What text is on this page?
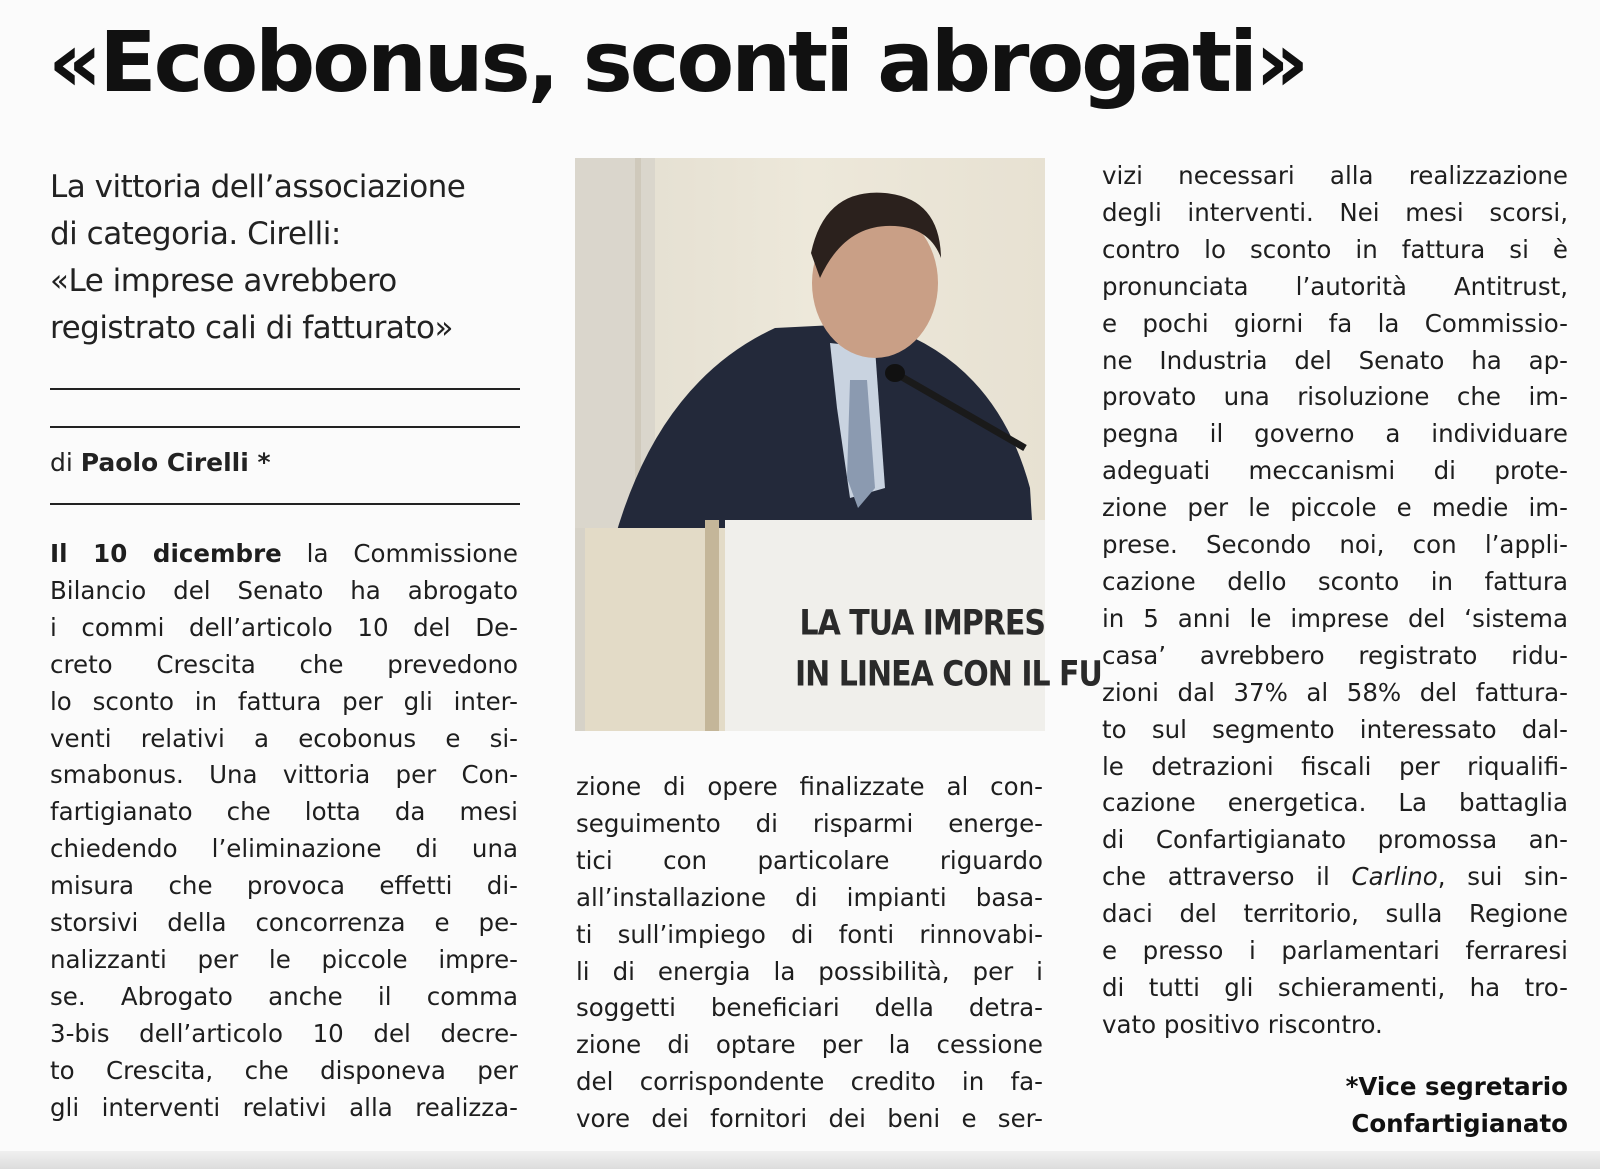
«Ecobonus, sconti abrogati»
La vittoria dell’associazione
di categoria. Cirelli:
«Le imprese avrebbero
registrato cali di fatturato»
di Paolo Cirelli *
Il 10 dicembre la Commissione
Bilancio del Senato ha abrogato
i commi dell’articolo 10 del De-
creto Crescita che prevedono
lo sconto in fattura per gli inter-
venti relativi a ecobonus e si-
smabonus. Una vittoria per Con-
fartigianato che lotta da mesi
chiedendo l’eliminazione di una
misura che provoca effetti di-
storsivi della concorrenza e pe-
nalizzanti per le piccole impre-
se. Abrogato anche il comma
3-bis dell’articolo 10 del decre-
to Crescita, che disponeva per
gli interventi relativi alla realizza-
LA TUA IMPRES
IN LINEA CON IL FU
zione di opere finalizzate al con-
seguimento di risparmi energe-
tici con particolare riguardo
all’installazione di impianti basa-
ti sull’impiego di fonti rinnovabi-
li di energia la possibilità, per i
soggetti beneficiari della detra-
zione di optare per la cessione
del corrispondente credito in fa-
vore dei fornitori dei beni e ser-
vizi necessari alla realizzazione
degli interventi. Nei mesi scorsi,
contro lo sconto in fattura si è
pronunciata l’autorità Antitrust,
e pochi giorni fa la Commissio-
ne Industria del Senato ha ap-
provato una risoluzione che im-
pegna il governo a individuare
adeguati meccanismi di prote-
zione per le piccole e medie im-
prese. Secondo noi, con l’appli-
cazione dello sconto in fattura
in 5 anni le imprese del ‘sistema
casa’ avrebbero registrato ridu-
zioni dal 37% al 58% del fattura-
to sul segmento interessato dal-
le detrazioni fiscali per riqualifi-
cazione energetica. La battaglia
di Confartigianato promossa an-
che attraverso il Carlino, sui sin-
daci del territorio, sulla Regione
e presso i parlamentari ferraresi
di tutti gli schieramenti, ha tro-
vato positivo riscontro.
*Vice segretario
Confartigianato
